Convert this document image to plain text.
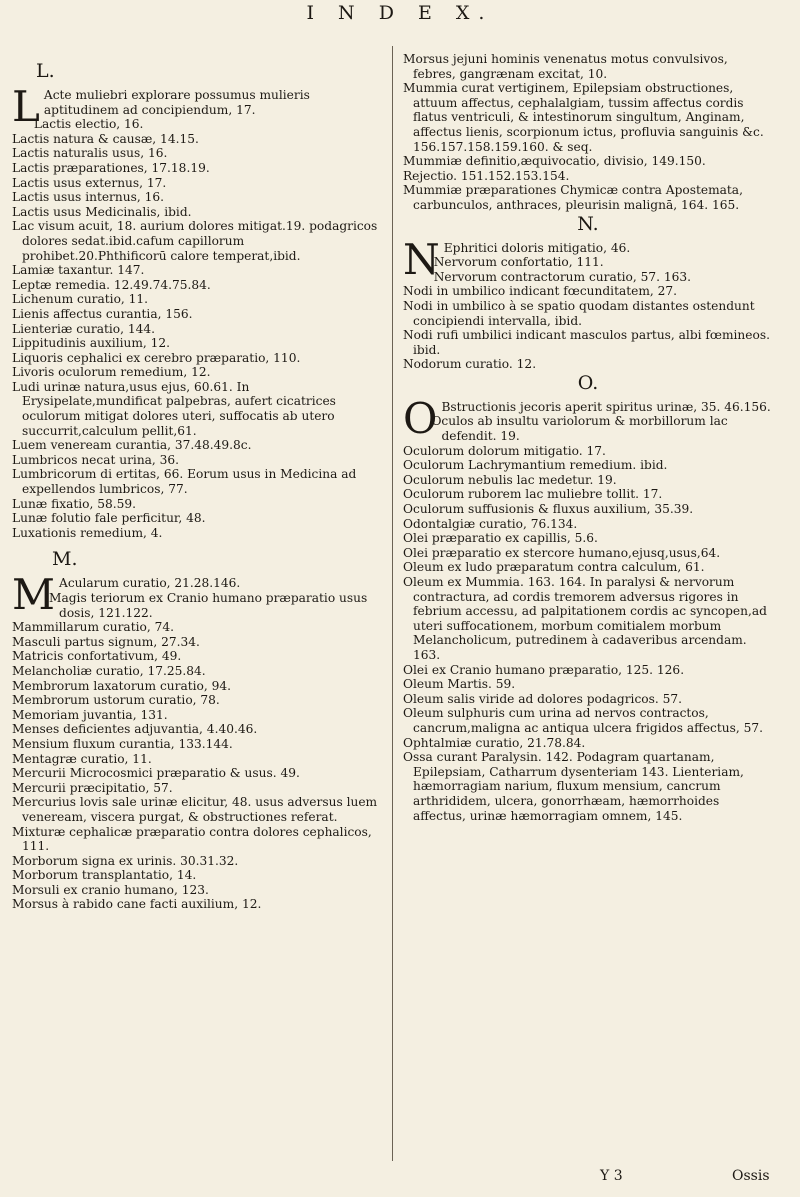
I N D E X.
L.

LActe muliebri explorare possumus mulieris aptitudinem ad concipiendum, 17.

Lactis electio, 16.

Lactis natura & causæ, 14.15.

Lactis naturalis usus, 16.

Lactis præparationes, 17.18.19.

Lactis usus externus, 17.

Lactis usus internus, 16.

Lactis usus Medicinalis, ibid.

Lac visum acuit, 18. aurium dolores mitigat.19. podagricos dolores sedat.ibid.cafum capillorum prohibet.20.Phthificorū calore temperat,ibid.

Lamiæ taxantur. 147.

Leptæ remedia. 12.49.74.75.84.

Lichenum curatio, 11.

Lienis affectus curantia, 156.

Lienteriæ curatio, 144.

Lippitudinis auxilium, 12.

Liquoris cephalici ex cerebro præparatio, 110.

Livoris oculorum remedium, 12.

Ludi urinæ natura,usus ejus, 60.61. In Erysipelate,mundificat palpebras, aufert cicatrices oculorum mitigat dolores uteri, suffocatis ab utero succurrit,calculum pellit,61.

Luem veneream curantia, 37.48.49.8c.

Lumbricos necat urina, 36.

Lumbricorum di ertitas, 66. Eorum usus in Medicina ad expellendos lumbricos, 77.

Lunæ fixatio, 58.59.

Lunæ folutio fale perficitur, 48.

Luxationis remedium, 4.

M.

MAcularum curatio, 21.28.146.

Magis teriorum ex Cranio humano præparatio usus dosis, 121.122.

Mammillarum curatio, 74.

Masculi partus signum, 27.34.

Matricis confortativum, 49.

Melancholiæ curatio, 17.25.84.

Membrorum laxatorum curatio, 94.

Membrorum ustorum curatio, 78.

Memoriam juvantia, 131.

Menses deficientes adjuvantia, 4.40.46.

Mensium fluxum curantia, 133.144.

Mentagræ curatio, 11.

Mercurii Microcosmici præparatio & usus. 49.

Mercurii præcipitatio, 57.

Mercurius lovis sale urinæ elicitur, 48. usus adversus luem veneream, viscera purgat, & obstructiones referat.

Mixturæ cephalicæ præparatio contra dolores cephalicos, 111.

Morborum signa ex urinis. 30.31.32.

Morborum transplantatio, 14.

Morsuli ex cranio humano, 123.

Morsus à rabido cane facti auxilium, 12.

Morsus jejuni hominis venenatus motus convulsivos, febres, gangrænam excitat, 10.

Mummia curat vertiginem, Epilepsiam obstructiones, attuum affectus, cephalalgiam, tussim affectus cordis flatus ventriculi, & intestinorum singultum, Anginam, affectus lienis, scorpionum ictus, profluvia sanguinis &c. 156.157.158.159.160. & seq.

Mummiæ definitio,æquivocatio, divisio, 149.150.

Rejectio. 151.152.153.154.

Mummiæ præparationes Chymicæ contra Apostemata, carbunculos, anthraces, pleurisin malignā, 164. 165.

N.

NEphritici doloris mitigatio, 46.

Nervorum confortatio, 111.

Nervorum contractorum curatio, 57. 163.

Nodi in umbilico indicant fœcunditatem, 27.

Nodi in umbilico à se spatio quodam distantes ostendunt concipiendi intervalla, ibid.

Nodi rufi umbilici indicant masculos partus, albi fœmineos. ibid.

Nodorum curatio. 12.

O.

OBstructionis jecoris aperit spiritus urinæ, 35. 46.156.

Oculos ab insultu variolorum & morbillorum lac defendit. 19.

Oculorum dolorum mitigatio. 17.

Oculorum Lachrymantium remedium. ibid.

Oculorum nebulis lac medetur. 19.

Oculorum ruborem lac muliebre tollit. 17.

Oculorum suffusionis & fluxus auxilium, 35.39.

Odontalgiæ curatio, 76.134.

Olei præparatio ex capillis, 5.6.

Olei præparatio ex stercore humano,ejusq,usus,64.

Oleum ex ludo præparatum contra calculum, 61.

Oleum ex Mummia. 163. 164. In paralysi & nervorum contractura, ad cordis tremorem adversus rigores in febrium accessu, ad palpitationem cordis ac syncopen,ad uteri suffocationem, morbum comitialem morbum Melancholicum, putredinem à cadaveribus arcendam. 163.

Olei ex Cranio humano præparatio, 125. 126.

Oleum Martis. 59.

Oleum salis viride ad dolores podagricos. 57.

Oleum sulphuris cum urina ad nervos contractos, cancrum,maligna ac antiqua ulcera frigidos affectus, 57.

Ophtalmiæ curatio, 21.78.84.

Ossa curant Paralysin. 142. Podagram quartanam, Epilepsiam, Catharrum dysenteriam 143. Lienteriam, hæmorragiam narium, fluxum mensium, cancrum arthrididem, ulcera, gonorrhæam, hæmorrhoides affectus, urinæ hæmorragiam omnem, 145.

Y 3	Ossis
